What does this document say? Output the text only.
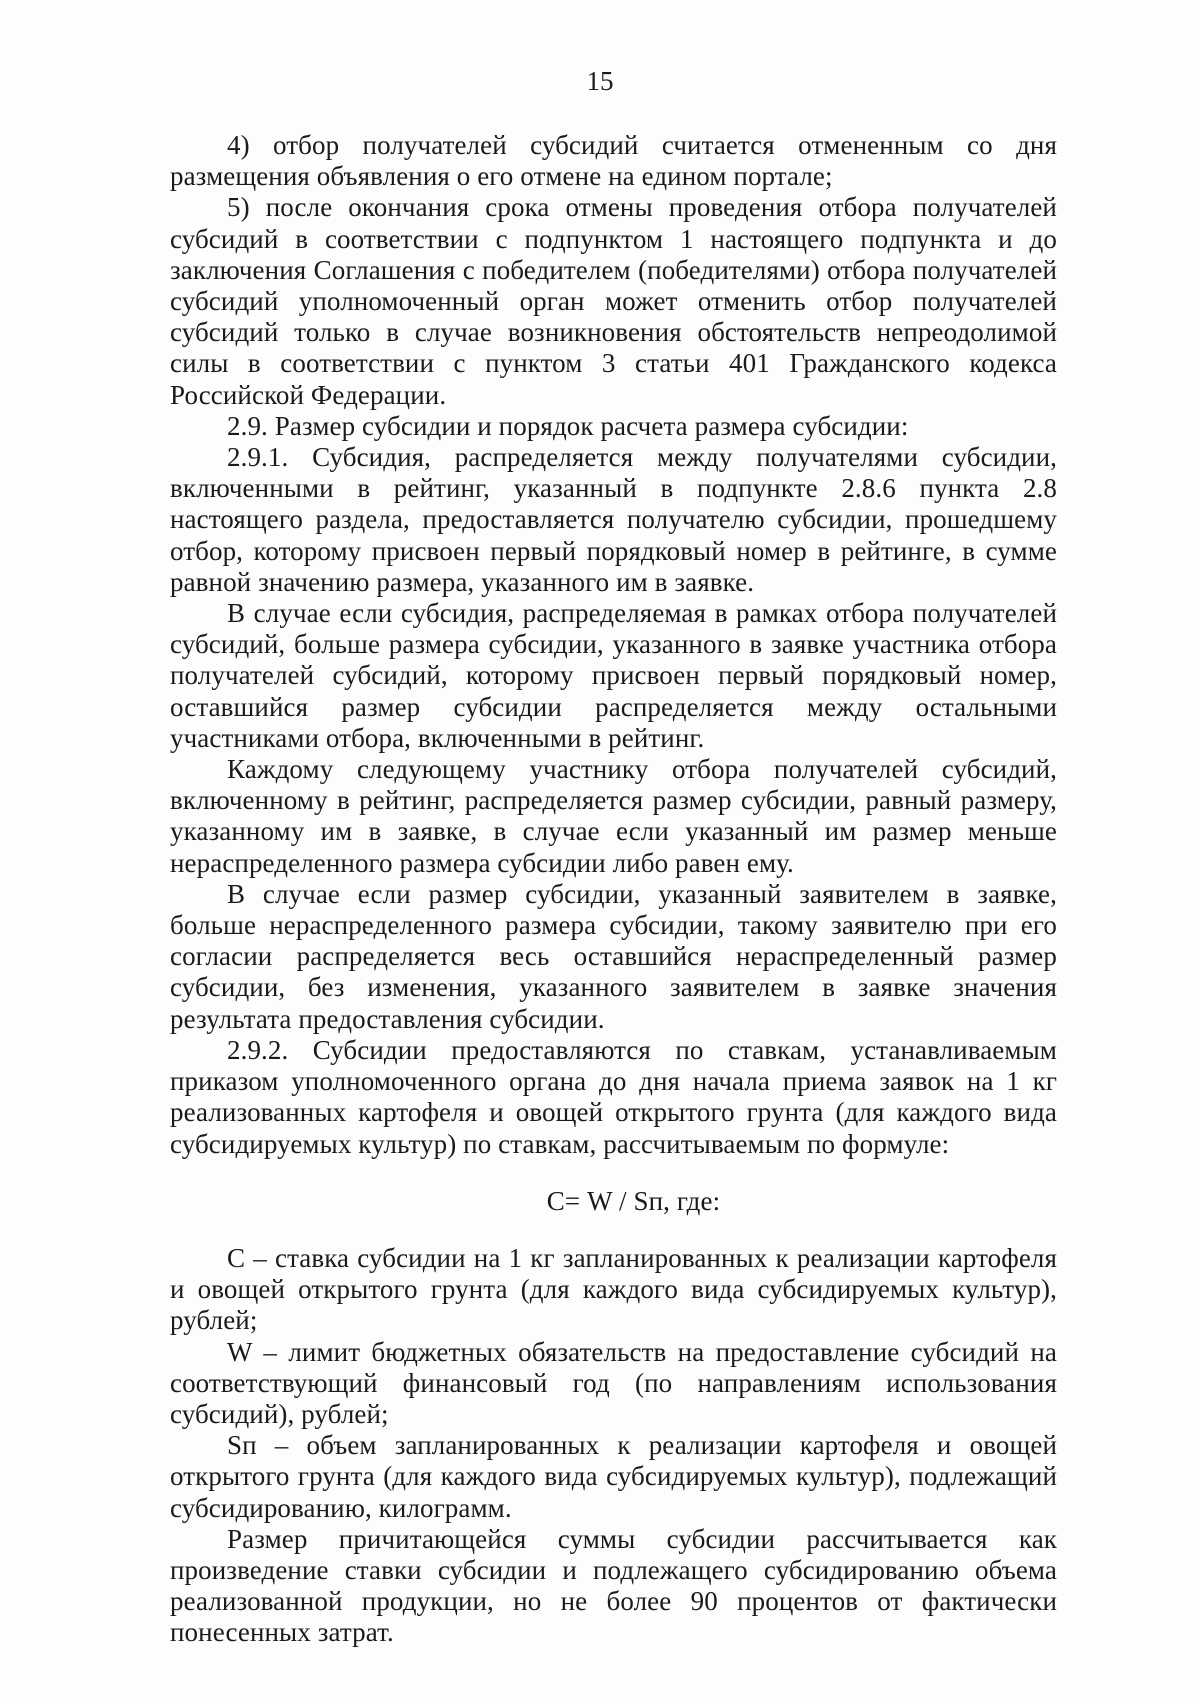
15

4) отбор получателей субсидий считается отмененным со дня размещения объявления о его отмене на едином портале;

5) после окончания срока отмены проведения отбора получателей субсидий в соответствии с подпунктом 1 настоящего подпункта и до заключения Соглашения с победителем (победителями) отбора получателей субсидий уполномоченный орган может отменить отбор получателей субсидий только в случае возникновения обстоятельств непреодолимой силы в соответствии с пунктом 3 статьи 401 Гражданского кодекса Российской Федерации.

2.9. Размер субсидии и порядок расчета размера субсидии:

2.9.1. Субсидия, распределяется между получателями субсидии, включенными в рейтинг, указанный в подпункте 2.8.6 пункта 2.8 настоящего раздела, предоставляется получателю субсидии, прошедшему отбор, которому присвоен первый порядковый номер в рейтинге, в сумме равной значению размера, указанного им в заявке.

В случае если субсидия, распределяемая в рамках отбора получателей субсидий, больше размера субсидии, указанного в заявке участника отбора получателей субсидий, которому присвоен первый порядковый номер, оставшийся размер субсидии распределяется между остальными участниками отбора, включенными в рейтинг.

Каждому следующему участнику отбора получателей субсидий, включенному в рейтинг, распределяется размер субсидии, равный размеру, указанному им в заявке, в случае если указанный им размер меньше нераспределенного размера субсидии либо равен ему.

В случае если размер субсидии, указанный заявителем в заявке, больше нераспределенного размера субсидии, такому заявителю при его согласии распределяется весь оставшийся нераспределенный размер субсидии, без изменения, указанного заявителем в заявке значения результата предоставления субсидии.

2.9.2. Субсидии предоставляются по ставкам, устанавливаемым приказом уполномоченного органа до дня начала приема заявок на 1 кг реализованных картофеля и овощей открытого грунта (для каждого вида субсидируемых культур) по ставкам, рассчитываемым по формуле:

С= W / Sп, где:

С – ставка субсидии на 1 кг запланированных к реализации картофеля и овощей открытого грунта (для каждого вида субсидируемых культур), рублей;

W – лимит бюджетных обязательств на предоставление субсидий на соответствующий финансовый год (по направлениям использования субсидий), рублей;

Sп – объем запланированных к реализации картофеля и овощей открытого грунта (для каждого вида субсидируемых культур), подлежащий субсидированию, килограмм.

Размер причитающейся суммы субсидии рассчитывается как произведение ставки субсидии и подлежащего субсидированию объема реализованной продукции, но не более 90 процентов от фактически понесенных затрат.
